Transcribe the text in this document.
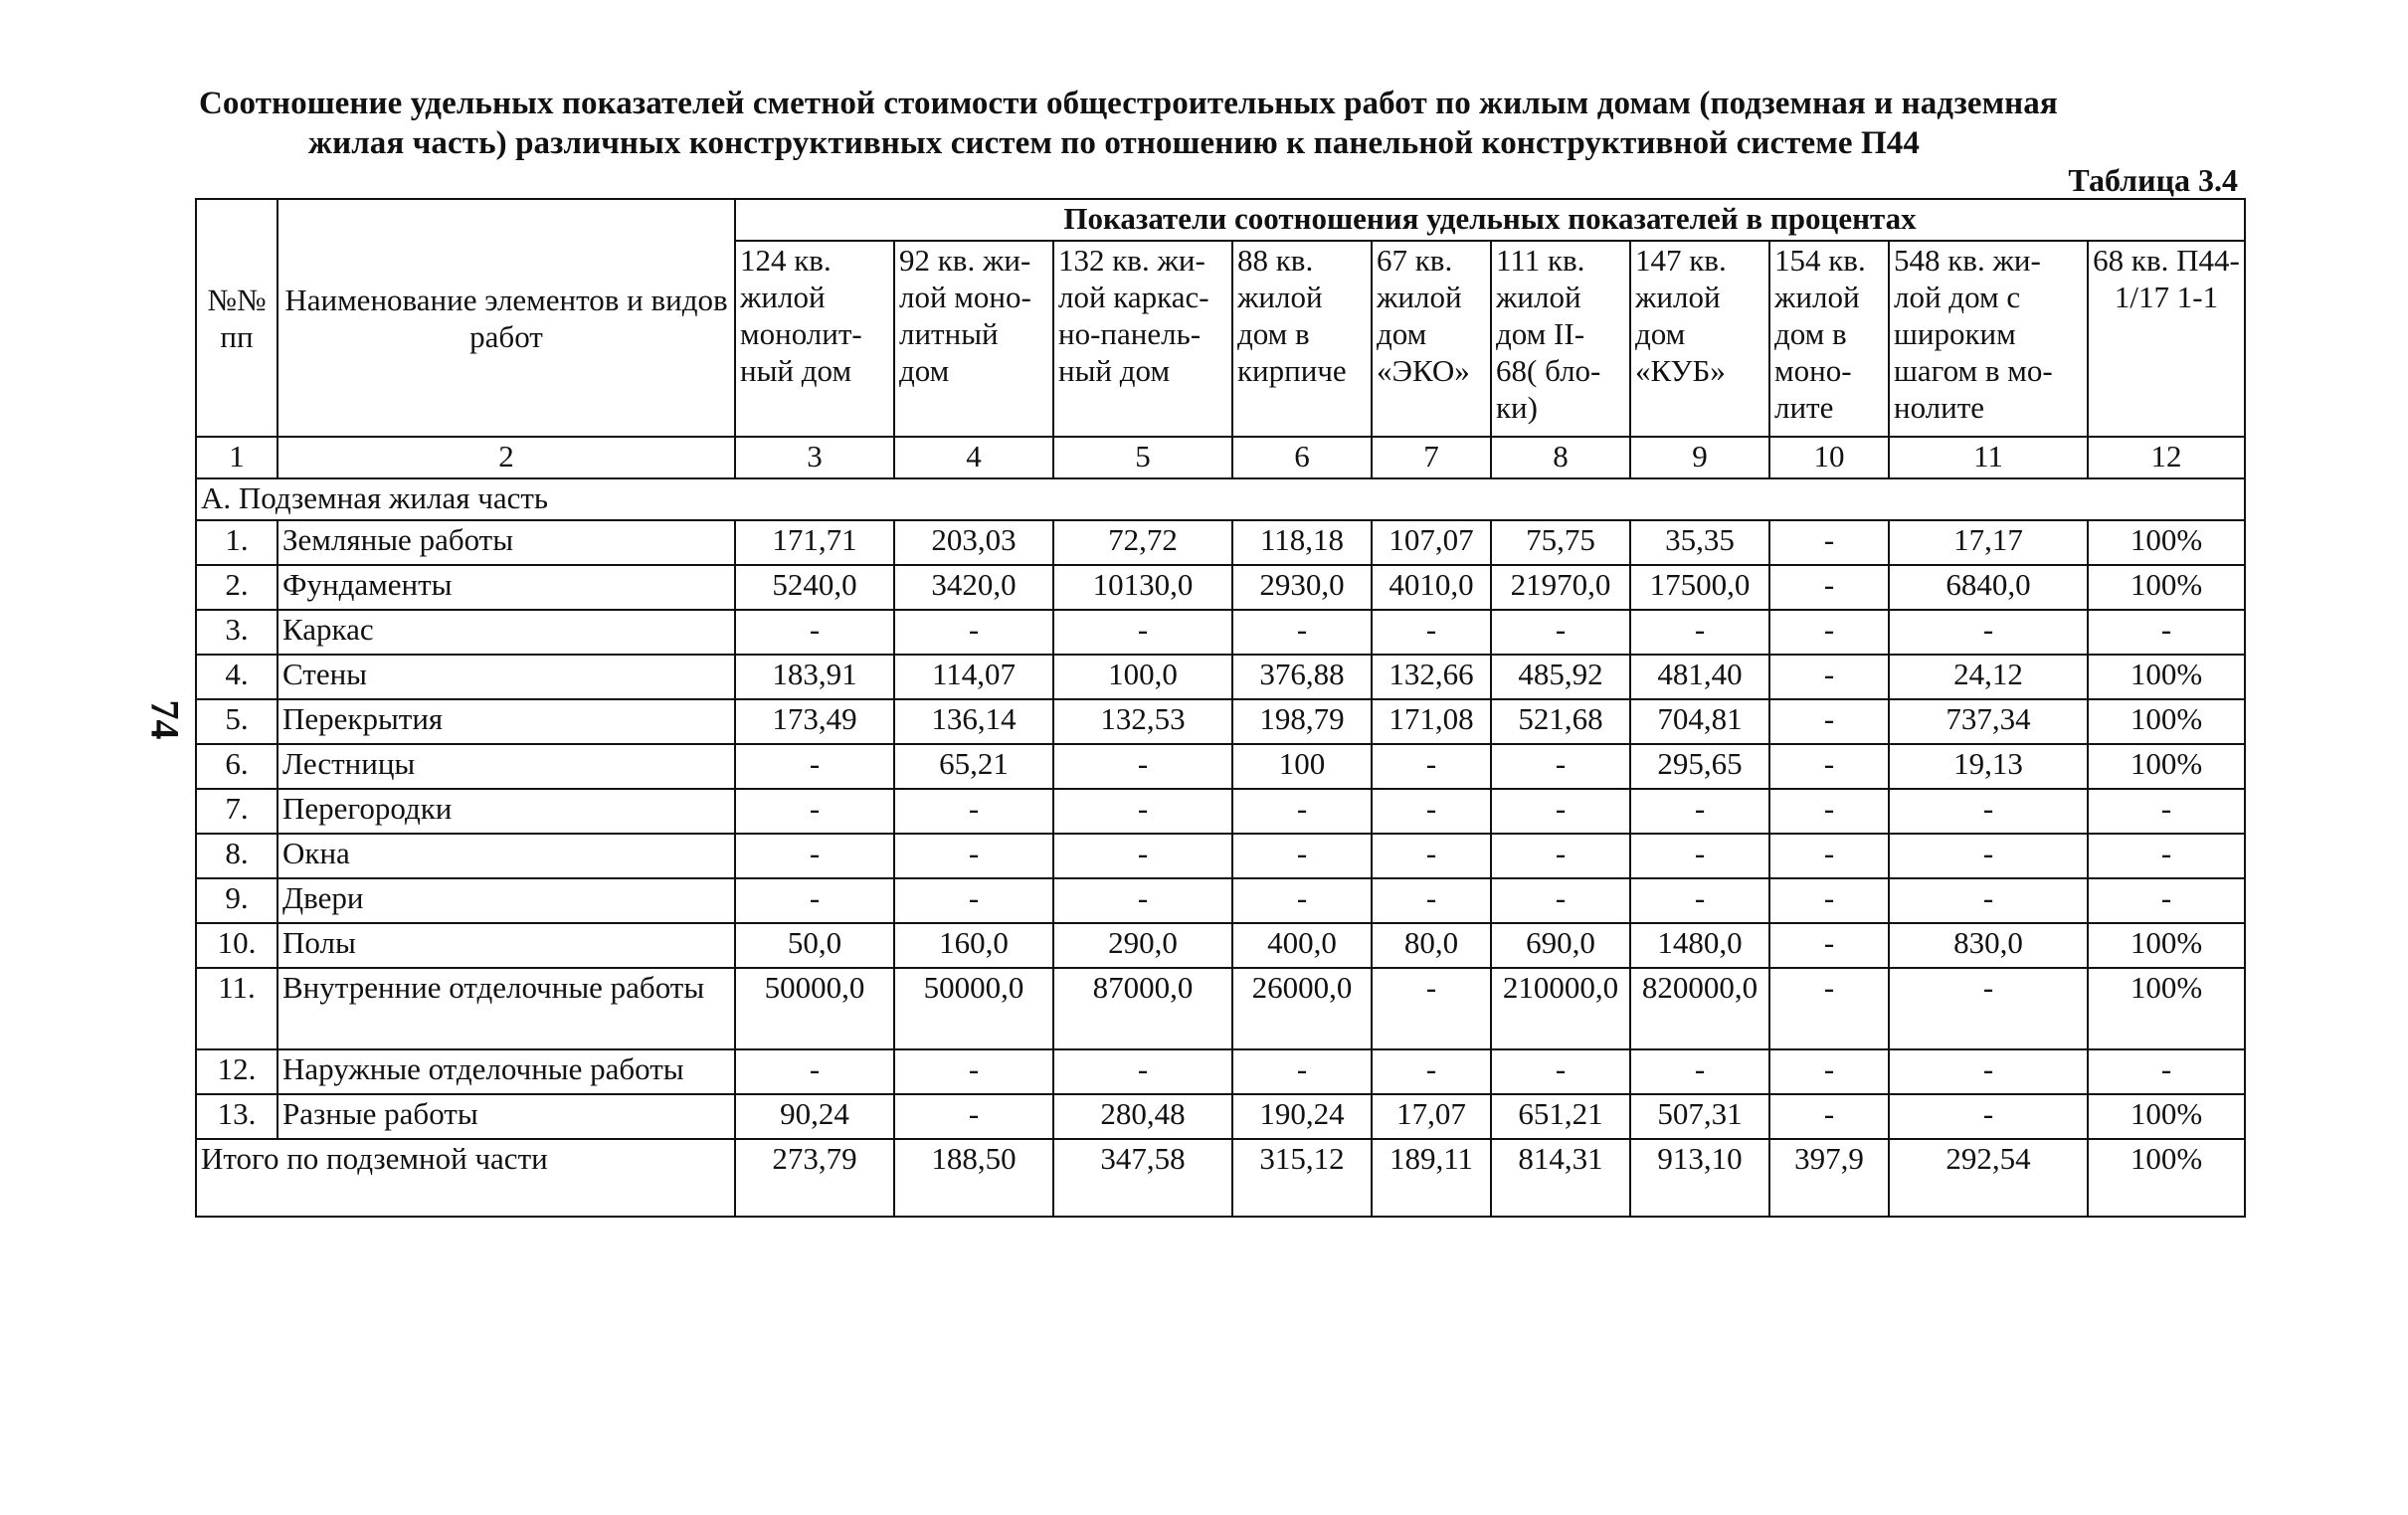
Соотношение удельных показателей сметной стоимости общестроительных работ по жилым домам (подземная и надземная
жилая часть) различных конструктивных систем по отношению к панельной конструктивной системе П44
Таблица 3.4
74
№№ пп	Наименование элементов и видов работ	Показатели соотношения удельных показателей в процентах									
		124 кв. жилой монолит-ный дом	92 кв. жи-лой моно-литный дом	132 кв. жи-лой каркас-но-панель-ный дом	88 кв. жилой дом в кирпиче	67 кв. жилой дом «ЭКО»	111 кв. жилой дом II-68( бло-ки)	147 кв. жилой дом «КУБ»	154 кв. жилой дом в моно-лите	548 кв. жи-лой дом с широким шагом в мо-нолите	68 кв. П44-1/17 1-1
1	2	3	4	5	6	7	8	9	10	11	12
А. Подземная жилая часть											
1.	Земляные работы	171,71	203,03	72,72	118,18	107,07	75,75	35,35	-	17,17	100%
2.	Фундаменты	5240,0	3420,0	10130,0	2930,0	4010,0	21970,0	17500,0	-	6840,0	100%
3.	Каркас	-	-	-	-	-	-	-	-	-	-
4.	Стены	183,91	114,07	100,0	376,88	132,66	485,92	481,40	-	24,12	100%
5.	Перекрытия	173,49	136,14	132,53	198,79	171,08	521,68	704,81	-	737,34	100%
6.	Лестницы	-	65,21	-	100	-	-	295,65	-	19,13	100%
7.	Перегородки	-	-	-	-	-	-	-	-	-	-
8.	Окна	-	-	-	-	-	-	-	-	-	-
9.	Двери	-	-	-	-	-	-	-	-	-	-
10.	Полы	50,0	160,0	290,0	400,0	80,0	690,0	1480,0	-	830,0	100%
11.	Внутренние отделочные работы	50000,0	50000,0	87000,0	26000,0	-	210000,0	820000,0	-	-	100%
12.	Наружные отделочные работы	-	-	-	-	-	-	-	-	-	-
13.	Разные работы	90,24	-	280,48	190,24	17,07	651,21	507,31	-	-	100%
Итого по подземной части		273,79	188,50	347,58	315,12	189,11	814,31	913,10	397,9	292,54	100%
